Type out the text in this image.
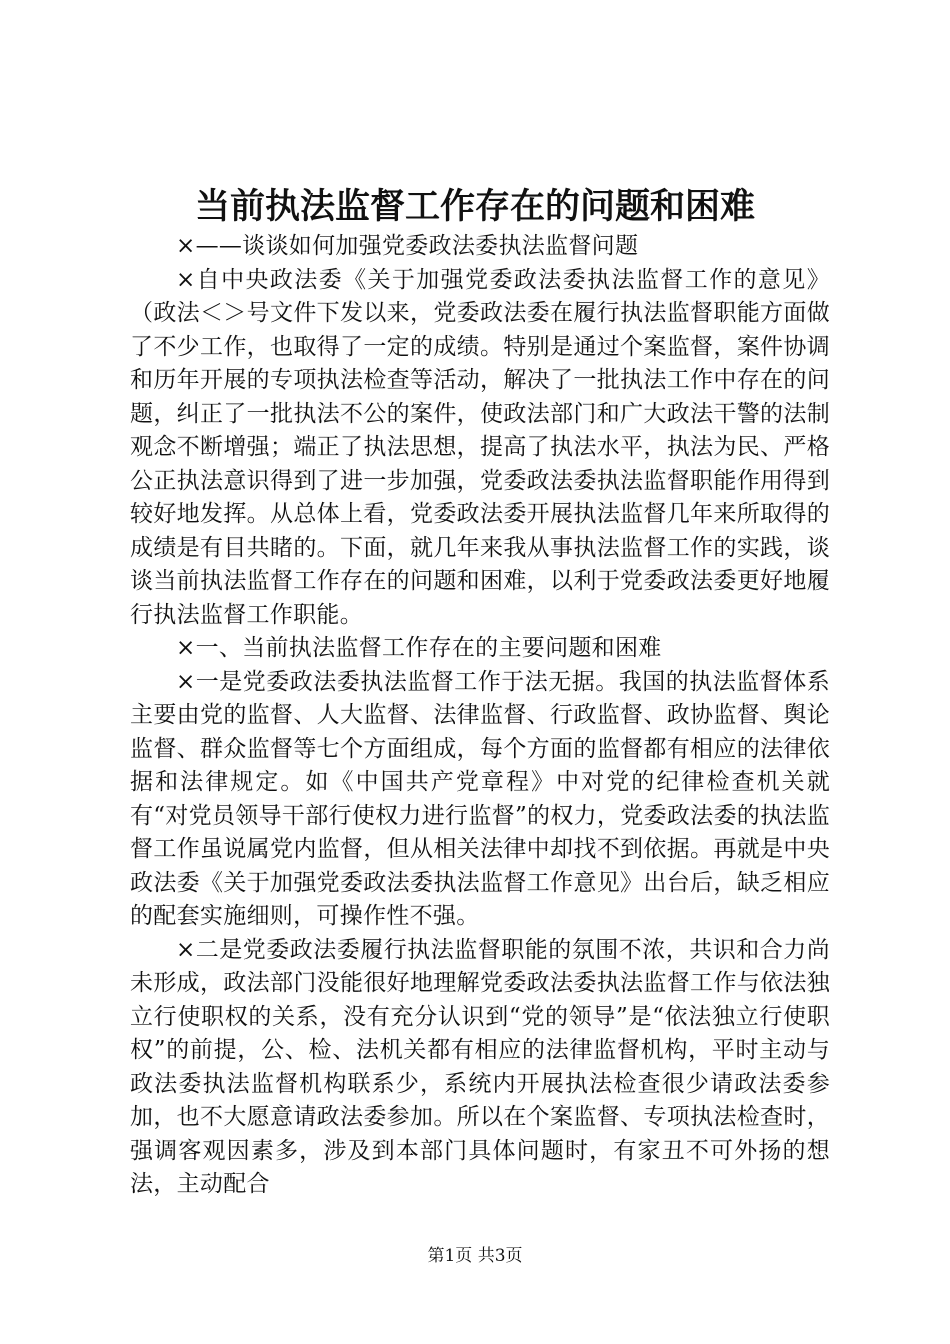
当前执法监督工作存在的问题和困难

×——谈谈如何加强党委政法委执法监督问题

×自中央政法委《关于加强党委政法委执法监督工作的意见》（政法＜＞号文件下发以来，党委政法委在履行执法监督职能方面做了不少工作，也取得了一定的成绩。特别是通过个案监督，案件协调和历年开展的专项执法检查等活动，解决了一批执法工作中存在的问题，纠正了一批执法不公的案件，使政法部门和广大政法干警的法制观念不断增强；端正了执法思想，提高了执法水平，执法为民、严格公正执法意识得到了进一步加强，党委政法委执法监督职能作用得到较好地发挥。从总体上看，党委政法委开展执法监督几年来所取得的成绩是有目共睹的。下面，就几年来我从事执法监督工作的实践，谈谈当前执法监督工作存在的问题和困难，以利于党委政法委更好地履行执法监督工作职能。

×一、当前执法监督工作存在的主要问题和困难

×一是党委政法委执法监督工作于法无据。我国的执法监督体系主要由党的监督、人大监督、法律监督、行政监督、政协监督、舆论监督、群众监督等七个方面组成，每个方面的监督都有相应的法律依据和法律规定。如《中国共产党章程》中对党的纪律检查机关就有“对党员领导干部行使权力进行监督”的权力，党委政法委的执法监督工作虽说属党内监督，但从相关法律中却找不到依据。再就是中央政法委《关于加强党委政法委执法监督工作意见》出台后，缺乏相应的配套实施细则，可操作性不强。

×二是党委政法委履行执法监督职能的氛围不浓，共识和合力尚未形成，政法部门没能很好地理解党委政法委执法监督工作与依法独立行使职权的关系，没有充分认识到“党的领导”是“依法独立行使职权”的前提，公、检、法机关都有相应的法律监督机构，平时主动与政法委执法监督机构联系少，系统内开展执法检查很少请政法委参加，也不大愿意请政法委参加。所以在个案监督、专项执法检查时，强调客观因素多，涉及到本部门具体问题时，有家丑不可外扬的想法，主动配合

第1页 共3页
